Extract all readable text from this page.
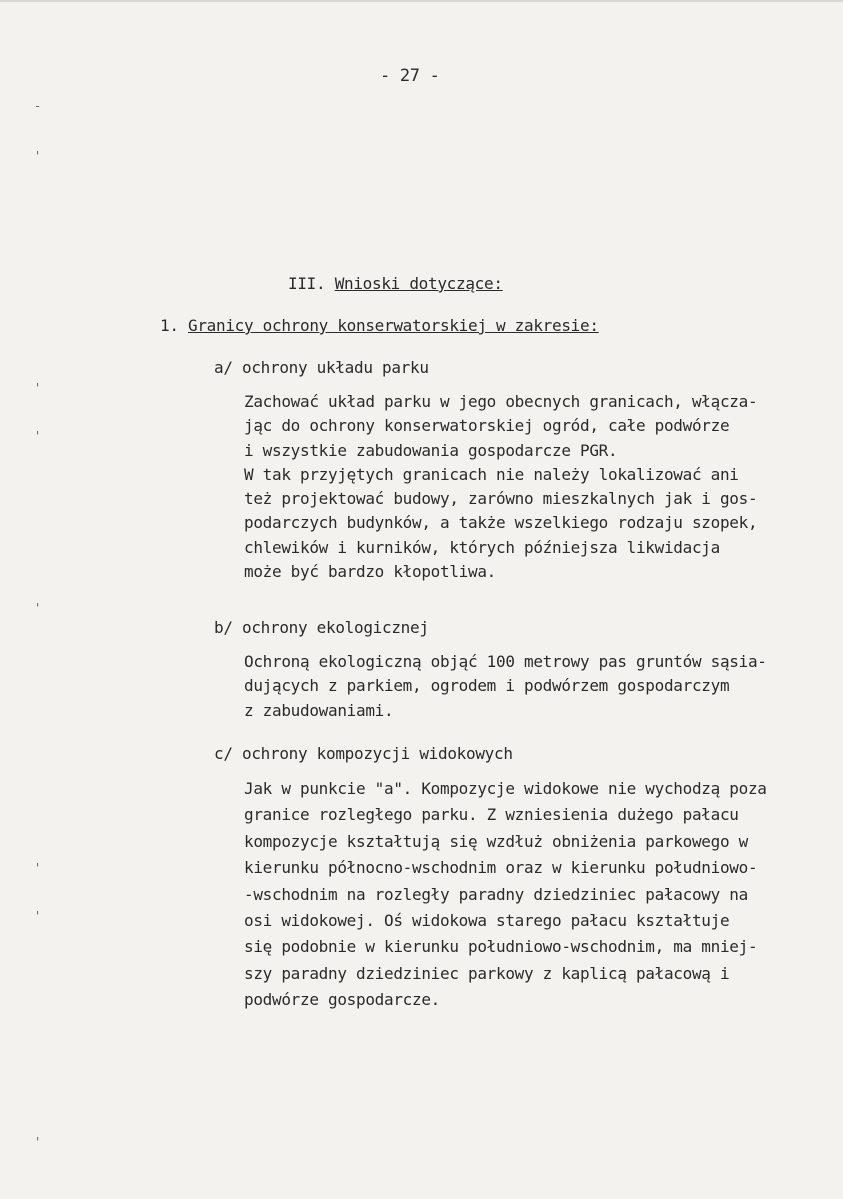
-
'
'
'
'
'
'
'
- 27 -
III. Wnioski dotyczące:
1. Granicy ochrony konserwatorskiej w zakresie:
a/ ochrony układu parku
Zachować układ parku w jego obecnych granicach, włącza-
jąc do ochrony konserwatorskiej ogród, całe podwórze
i wszystkie zabudowania gospodarcze PGR.
W tak przyjętych granicach nie należy lokalizować ani
też projektować budowy, zarówno mieszkalnych jak i gos-
podarczych budynków, a także wszelkiego rodzaju szopek,
chlewików i kurników, których późniejsza likwidacja
może być bardzo kłopotliwa.
b/ ochrony ekologicznej
Ochroną ekologiczną objąć 100 metrowy pas gruntów sąsia-
dujących z parkiem, ogrodem i podwórzem gospodarczym
z zabudowaniami.
c/ ochrony kompozycji widokowych
Jak w punkcie "a". Kompozycje widokowe nie wychodzą poza
granice rozległego parku. Z wzniesienia dużego pałacu
kompozycje kształtują się wzdłuż obniżenia parkowego w
kierunku północno-wschodnim oraz w kierunku południowo-
-wschodnim na rozległy paradny dziedziniec pałacowy na
osi widokowej. Oś widokowa starego pałacu kształtuje
się podobnie w kierunku południowo-wschodnim, ma mniej-
szy paradny dziedziniec parkowy z kaplicą pałacową i
podwórze gospodarcze.
